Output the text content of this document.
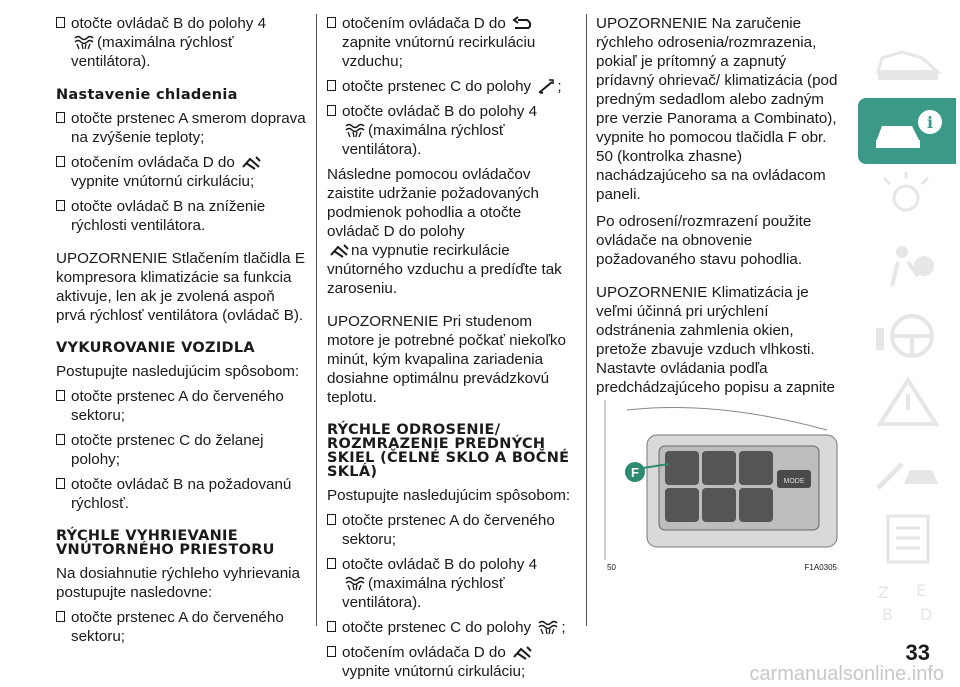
otočte ovládač B do polohy 4
(maximálna rýchlosť ventilátora).
Nastavenie chladenia
otočte prstenec A smerom doprava na zvýšenie teploty;
otočením ovládača D do vypnite vnútornú cirkuláciu;
otočte ovládač B na zníženie rýchlosti ventilátora.
UPOZORNENIE Stlačením tlačidla E kompresora klimatizácie sa funkcia aktivuje, len ak je zvolená aspoň prvá rýchlosť ventilátora (ovládač B).
VYKUROVANIE VOZIDLA
Postupujte nasledujúcim spôsobom:
otočte prstenec A do červeného sektoru;
otočte prstenec C do želanej polohy;
otočte ovládač B na požadovanú rýchlosť.
RÝCHLE VYHRIEVANIE VNÚTORNÉHO PRIESTORU
Na dosiahnutie rýchleho vyhrievania postupujte nasledovne:
otočte prstenec A do červeného sektoru;
otočením ovládača D do zapnite vnútornú recirkuláciu vzduchu;
otočte prstenec C do polohy ;
otočte ovládač B do polohy 4
(maximálna rýchlosť ventilátora).
Následne pomocou ovládačov zaistite udržanie požadovaných podmienok pohodlia a otočte ovládač D do polohy
na vypnutie recirkulácie vnútorného vzduchu a predíďte tak zaroseniu.
UPOZORNENIE Pri studenom motore je potrebné počkať niekoľko minút, kým kvapalina zariadenia dosiahne optimálnu prevádzkovú teplotu.
RÝCHLE ODROSENIE/ ROZMRAZENIE PREDNÝCH SKIEL (ČELNÉ SKLO A BOČNÉ SKLÁ)
Postupujte nasledujúcim spôsobom:
otočte prstenec A do červeného sektoru;
otočte ovládač B do polohy 4
(maximálna rýchlosť ventilátora).
otočte prstenec C do polohy ;
otočením ovládača D do vypnite vnútornú cirkuláciu;
UPOZORNENIE Na zaručenie rýchleho odrosenia/rozmrazenia, pokiaľ je prítomný a zapnutý prídavný ohrievač/ klimatizácia (pod predným sedadlom alebo zadným pre verzie Panorama a Combinato), vypnite ho pomocou tlačidla F obr. 50 (kontrolka zhasne) nachádzajúceho sa na ovládacom paneli.
Po odrosení/rozmrazení použite ovládače na obnovenie požadovaného stavu pohodlia.
UPOZORNENIE Klimatizácia je veľmi účinná pri urýchlení odstránenia zahmlenia okien, pretože zbavuje vzduch vlhkosti. Nastavte ovládania podľa predchádzajúceho popisu a zapnite
MODE
F
50	F1A0305
i
Z E
B D
33
carmanualsonline.info
